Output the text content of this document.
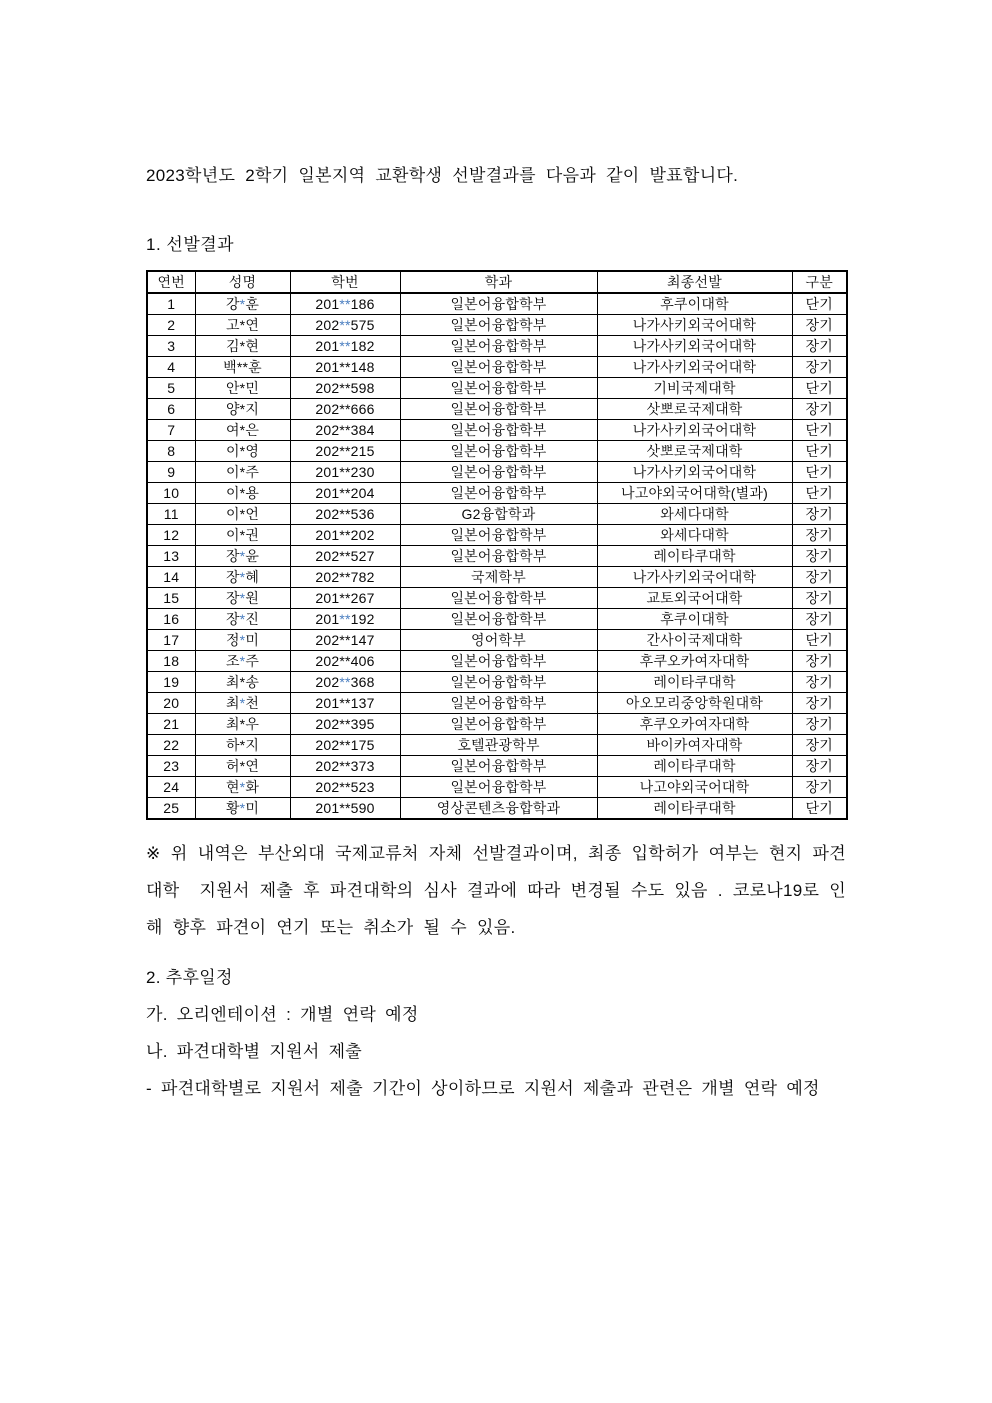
2023학년도 2학기 일본지역 교환학생 선발결과를 다음과 같이 발표합니다.
1. 선발결과
연번	성명	학번	학과	최종선발	구분
1	강*훈	201**186	일본어융합학부	후쿠이대학	단기
2	고*연	202**575	일본어융합학부	나가사키외국어대학	장기
3	김*현	201**182	일본어융합학부	나가사키외국어대학	장기
4	백**훈	201**148	일본어융합학부	나가사키외국어대학	장기
5	안*민	202**598	일본어융합학부	기비국제대학	단기
6	양*지	202**666	일본어융합학부	삿뽀로국제대학	장기
7	여*은	202**384	일본어융합학부	나가사키외국어대학	단기
8	이*영	202**215	일본어융합학부	삿뽀로국제대학	단기
9	이*주	201**230	일본어융합학부	나가사키외국어대학	단기
10	이*용	201**204	일본어융합학부	나고야외국어대학(별과)	단기
11	이*언	202**536	G2융합학과	와세다대학	장기
12	이*권	201**202	일본어융합학부	와세다대학	장기
13	장*윤	202**527	일본어융합학부	레이타쿠대학	장기
14	장*혜	202**782	국제학부	나가사키외국어대학	장기
15	장*원	201**267	일본어융합학부	교토외국어대학	장기
16	장*진	201**192	일본어융합학부	후쿠이대학	장기
17	정*미	202**147	영어학부	간사이국제대학	단기
18	조*주	202**406	일본어융합학부	후쿠오카여자대학	장기
19	최*송	202**368	일본어융합학부	레이타쿠대학	장기
20	최*천	201**137	일본어융합학부	아오모리중앙학원대학	장기
21	최*우	202**395	일본어융합학부	후쿠오카여자대학	장기
22	하*지	202**175	호텔관광학부	바이카여자대학	장기
23	허*연	202**373	일본어융합학부	레이타쿠대학	장기
24	현*화	202**523	일본어융합학부	나고야외국어대학	장기
25	황*미	201**590	영상콘텐츠융합학과	레이타쿠대학	단기
※ 위 내역은 부산외대 국제교류처 자체 선발결과이며, 최종 입학허가 여부는 현지 파견대학  지원서 제출 후 파견대학의 심사 결과에 따라 변경될 수도 있음 . 코로나19로 인해 향후 파견이 연기 또는 취소가 될 수 있음.
2. 추후일정
가. 오리엔테이션 : 개별 연락 예정
나. 파견대학별 지원서 제출
- 파견대학별로 지원서 제출 기간이 상이하므로 지원서 제출과 관련은 개별 연락 예정
